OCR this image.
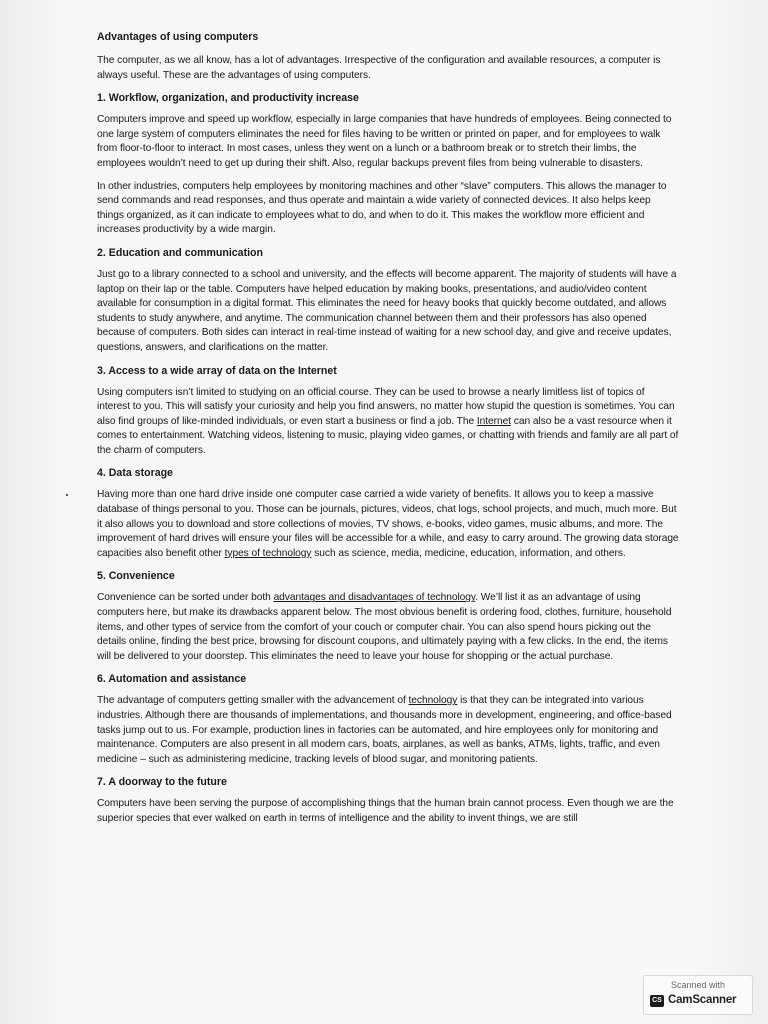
Advantages of using computers

The computer, as we all know, has a lot of advantages. Irrespective of the configuration and available resources, a computer is always useful. These are the advantages of using computers.

1. Workflow, organization, and productivity increase

Computers improve and speed up workflow, especially in large companies that have hundreds of employees. Being connected to one large system of computers eliminates the need for files having to be written or printed on paper, and for employees to walk from floor-to-floor to interact. In most cases, unless they went on a lunch or a bathroom break or to stretch their limbs, the employees wouldn’t need to get up during their shift. Also, regular backups prevent files from being vulnerable to disasters.

In other industries, computers help employees by monitoring machines and other “slave” computers. This allows the manager to send commands and read responses, and thus operate and maintain a wide variety of connected devices. It also helps keep things organized, as it can indicate to employees what to do, and when to do it. This makes the workflow more efficient and increases productivity by a wide margin.

2. Education and communication

Just go to a library connected to a school and university, and the effects will become apparent. The majority of students will have a laptop on their lap or the table. Computers have helped education by making books, presentations, and audio/video content available for consumption in a digital format. This eliminates the need for heavy books that quickly become outdated, and allows students to study anywhere, and anytime. The communication channel between them and their professors has also opened because of computers. Both sides can interact in real-time instead of waiting for a new school day, and give and receive updates, questions, answers, and clarifications on the matter.

3. Access to a wide array of data on the Internet

Using computers isn’t limited to studying on an official course. They can be used to browse a nearly limitless list of topics of interest to you. This will satisfy your curiosity and help you find answers, no matter how stupid the question is sometimes. You can also find groups of like-minded individuals, or even start a business or find a job. The Internet can also be a vast resource when it comes to entertainment. Watching videos, listening to music, playing video games, or chatting with friends and family are all part of the charm of computers.

4. Data storage

Having more than one hard drive inside one computer case carried a wide variety of benefits. It allows you to keep a massive database of things personal to you. Those can be journals, pictures, videos, chat logs, school projects, and much, much more. But it also allows you to download and store collections of movies, TV shows, e-books, video games, music albums, and more. The improvement of hard drives will ensure your files will be accessible for a while, and easy to carry around. The growing data storage capacities also benefit other types of technology such as science, media, medicine, education, information, and others.

5. Convenience

Convenience can be sorted under both advantages and disadvantages of technology. We’ll list it as an advantage of using computers here, but make its drawbacks apparent below. The most obvious benefit is ordering food, clothes, furniture, household items, and other types of service from the comfort of your couch or computer chair. You can also spend hours picking out the details online, finding the best price, browsing for discount coupons, and ultimately paying with a few clicks. In the end, the items will be delivered to your doorstep. This eliminates the need to leave your house for shopping or the actual purchase.

6. Automation and assistance

The advantage of computers getting smaller with the advancement of technology is that they can be integrated into various industries. Although there are thousands of implementations, and thousands more in development, engineering, and office-based tasks jump out to us. For example, production lines in factories can be automated, and hire employees only for monitoring and maintenance. Computers are also present in all modern cars, boats, airplanes, as well as banks, ATMs, lights, traffic, and even medicine – such as administering medicine, tracking levels of blood sugar, and monitoring patients.

7. A doorway to the future

Computers have been serving the purpose of accomplishing things that the human brain cannot process. Even though we are the superior species that ever walked on earth in terms of intelligence and the ability to invent things, we are still

Scanned with
CS CamScanner
